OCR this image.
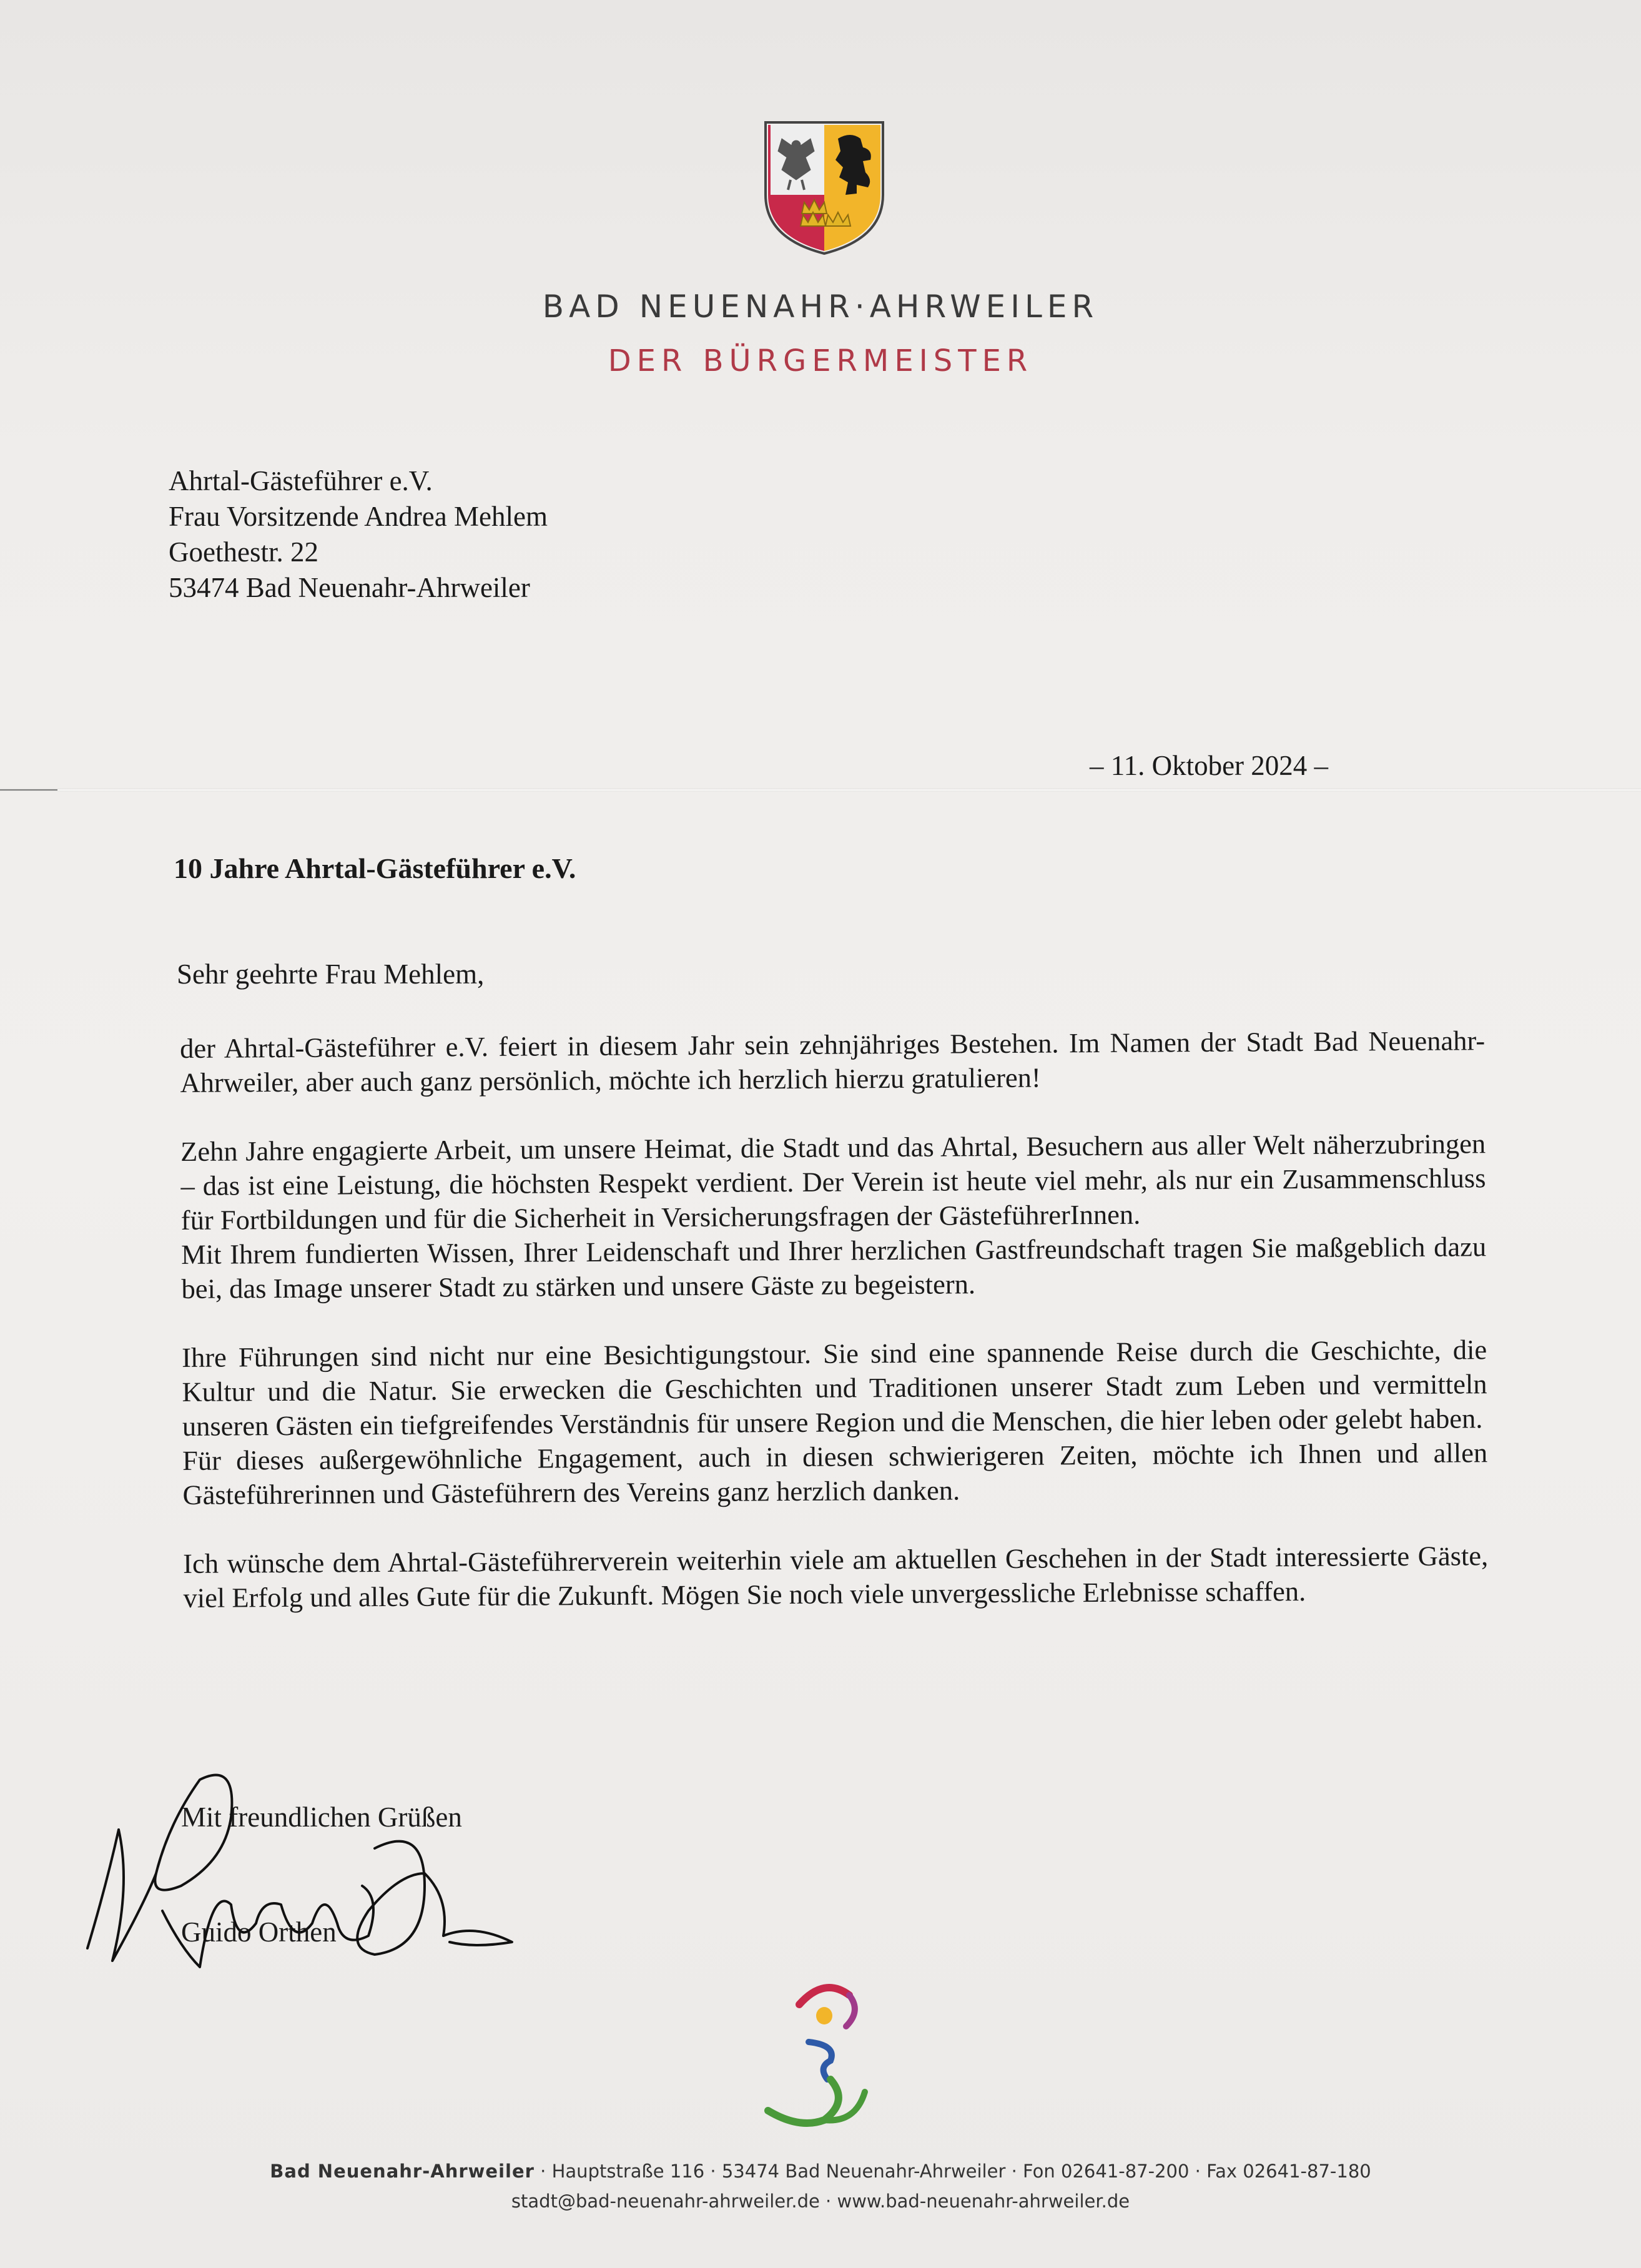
BAD NEUENAHR·AHRWEILER
DER BÜRGERMEISTER
Ahrtal-Gästeführer e.V.
Frau Vorsitzende Andrea Mehlem
Goethestr. 22
53474 Bad Neuenahr-Ahrweiler
– 11. Oktober 2024 –
10 Jahre Ahrtal-Gästeführer e.V.
Sehr geehrte Frau Mehlem,

der Ahrtal-Gästeführer e.V. feiert in diesem Jahr sein zehnjähriges Bestehen. Im Namen der Stadt Bad Neuenahr-Ahrweiler, aber auch ganz persönlich, möchte ich herzlich hierzu gratulieren!

Zehn Jahre engagierte Arbeit, um unsere Heimat, die Stadt und das Ahrtal, Besuchern aus aller Welt näherzubringen – das ist eine Leistung, die höchsten Respekt verdient. Der Verein ist heute viel mehr, als nur ein Zusammenschluss für Fortbildungen und für die Sicherheit in Versicherungsfragen der GästeführerInnen.

Mit Ihrem fundierten Wissen, Ihrer Leidenschaft und Ihrer herzlichen Gastfreundschaft tragen Sie maßgeblich dazu bei, das Image unserer Stadt zu stärken und unsere Gäste zu begeistern.

Ihre Führungen sind nicht nur eine Besichtigungstour. Sie sind eine spannende Reise durch die Geschichte, die Kultur und die Natur. Sie erwecken die Geschichten und Traditionen unserer Stadt zum Leben und vermitteln unseren Gästen ein tiefgreifendes Verständnis für unsere Region und die Menschen, die hier leben oder gelebt haben.

Für dieses außergewöhnliche Engagement, auch in diesen schwierigeren Zeiten, möchte ich Ihnen und allen Gästeführerinnen und Gästeführern des Vereins ganz herzlich danken.

Ich wünsche dem Ahrtal-Gästeführerverein weiterhin viele am aktuellen Geschehen in der Stadt interessierte Gäste, viel Erfolg und alles Gute für die Zukunft. Mögen Sie noch viele unvergessliche Erlebnisse schaffen.

Mit freundlichen Grüßen
Guido Orthen
Bad Neuenahr-Ahrweiler · Hauptstraße 116 · 53474 Bad Neuenahr-Ahrweiler · Fon 02641-87-200 · Fax 02641-87-180
stadt@bad-neuenahr-ahrweiler.de · www.bad-neuenahr-ahrweiler.de
